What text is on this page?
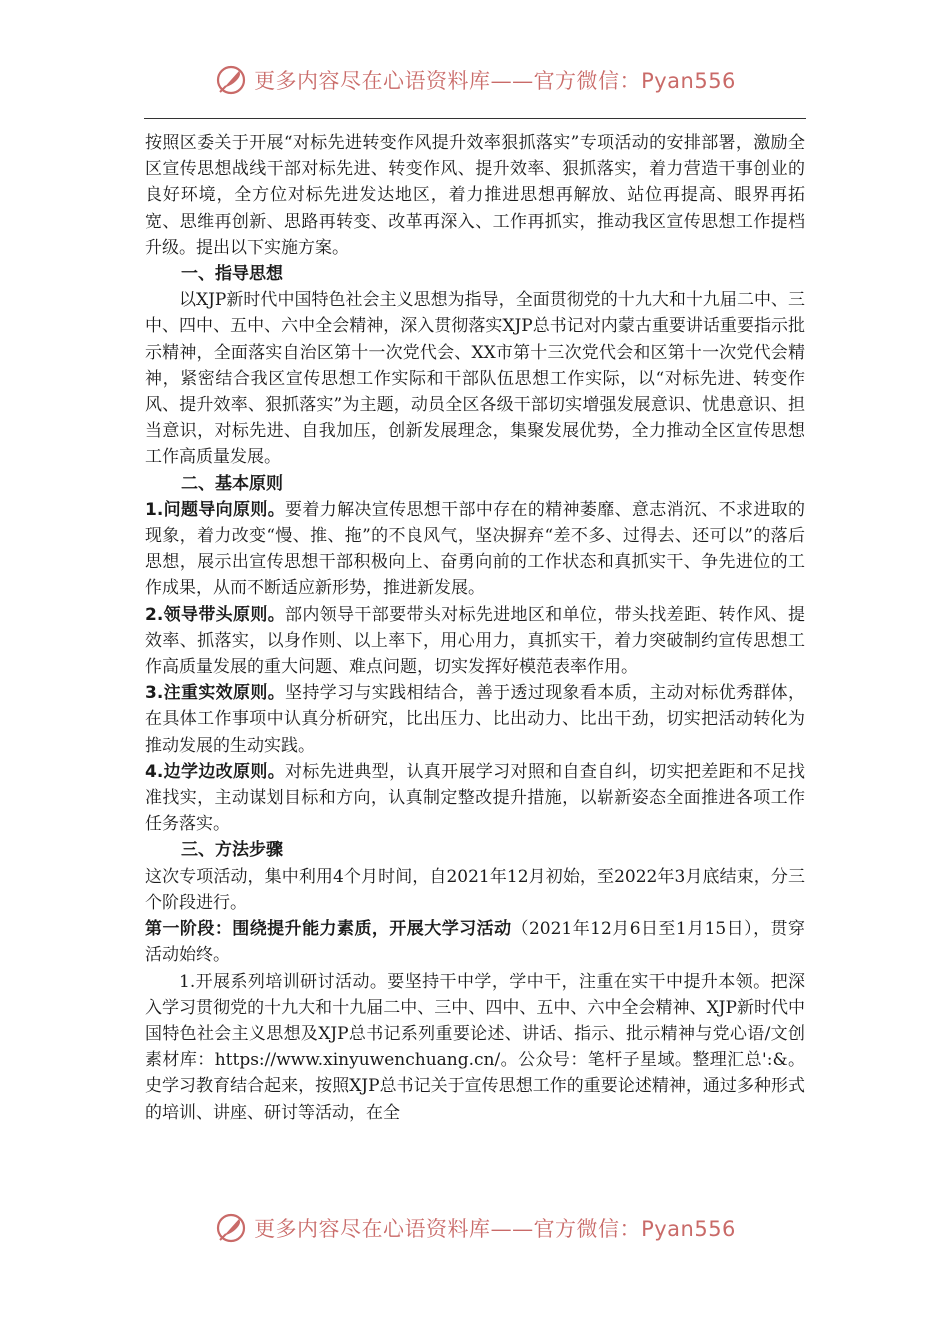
更多内容尽在心语资料库——官方微信：Pyan556

按照区委关于开展“对标先进转变作风提升效率狠抓落实”专项活动的安排部署，激励全区宣传思想战线干部对标先进、转变作风、提升效率、狠抓落实，着力营造干事创业的良好环境，全方位对标先进发达地区，着力推进思想再解放、站位再提高、眼界再拓宽、思维再创新、思路再转变、改革再深入、工作再抓实，推动我区宣传思想工作提档升级。提出以下实施方案。

一、指导思想

以XJP新时代中国特色社会主义思想为指导，全面贯彻党的十九大和十九届二中、三中、四中、五中、六中全会精神，深入贯彻落实XJP总书记对内蒙古重要讲话重要指示批示精神，全面落实自治区第十一次党代会、XX市第十三次党代会和区第十一次党代会精神，紧密结合我区宣传思想工作实际和干部队伍思想工作实际，以“对标先进、转变作风、提升效率、狠抓落实”为主题，动员全区各级干部切实增强发展意识、忧患意识、担当意识，对标先进、自我加压，创新发展理念，集聚发展优势，全力推动全区宣传思想工作高质量发展。

二、基本原则

1.问题导向原则。要着力解决宣传思想干部中存在的精神萎靡、意志消沉、不求进取的现象，着力改变“慢、推、拖”的不良风气，坚决摒弃“差不多、过得去、还可以”的落后思想，展示出宣传思想干部积极向上、奋勇向前的工作状态和真抓实干、争先进位的工作成果，从而不断适应新形势，推进新发展。

2.领导带头原则。部内领导干部要带头对标先进地区和单位，带头找差距、转作风、提效率、抓落实，以身作则、以上率下，用心用力，真抓实干，着力突破制约宣传思想工作高质量发展的重大问题、难点问题，切实发挥好模范表率作用。

3.注重实效原则。坚持学习与实践相结合，善于透过现象看本质，主动对标优秀群体，在具体工作事项中认真分析研究，比出压力、比出动力、比出干劲，切实把活动转化为推动发展的生动实践。

4.边学边改原则。对标先进典型，认真开展学习对照和自查自纠，切实把差距和不足找准找实，主动谋划目标和方向，认真制定整改提升措施，以崭新姿态全面推进各项工作任务落实。

三、方法步骤

这次专项活动，集中利用4个月时间，自2021年12月初始，至2022年3月底结束，分三个阶段进行。

第一阶段：围绕提升能力素质，开展大学习活动（2021年12月6日至1月15日），贯穿活动始终。

1.开展系列培训研讨活动。要坚持干中学，学中干，注重在实干中提升本领。把深入学习贯彻党的十九大和十九届二中、三中、四中、五中、六中全会精神、XJP新时代中国特色社会主义思想及XJP总书记系列重要论述、讲话、指示、批示精神与党心语/文创素材库：https://www.xinyuwenchuang.cn/。公众号：笔杆子星域。整理汇总':&。史学习教育结合起来，按照XJP总书记关于宣传思想工作的重要论述精神，通过多种形式的培训、讲座、研讨等活动，在全

更多内容尽在心语资料库——官方微信：Pyan556
